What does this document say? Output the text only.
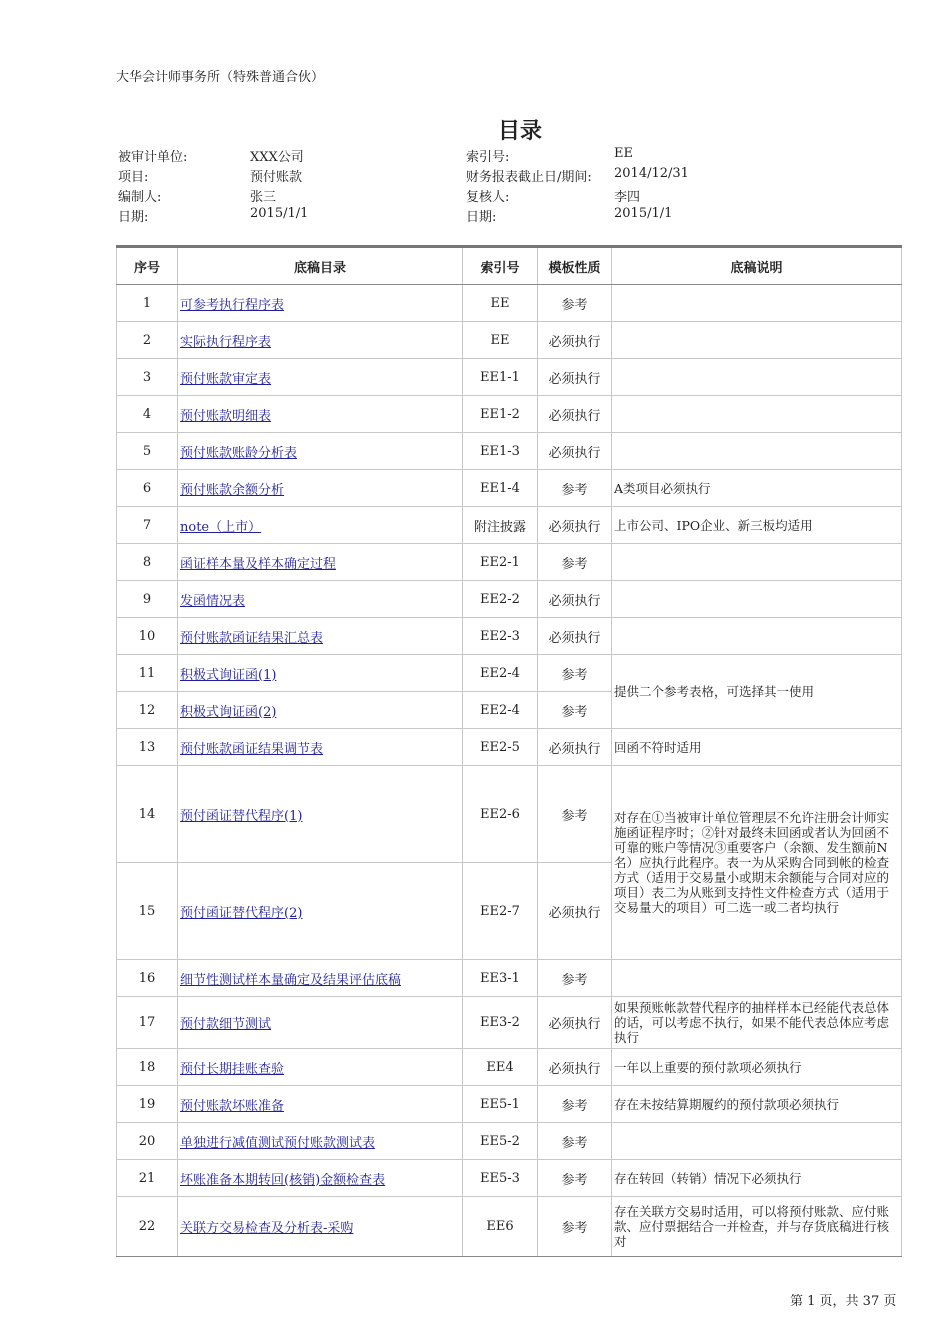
大华会计师事务所（特殊普通合伙）
目录
被审计单位:	XXX公司	索引号:	EE
项目:	预付账款	财务报表截止日/期间: 2014/12/31
编制人:	张三	复核人:	李四
日期:	2015/1/1	日期:	2015/1/1
序号	底稿目录	索引号	模板性质	底稿说明
1	可参考执行程序表	EE	参考	
2	实际执行程序表	EE	必须执行	
3	预付账款审定表	EE1-1	必须执行	
4	预付账款明细表	EE1-2	必须执行	
5	预付账款账龄分析表	EE1-3	必须执行	
6	预付账款余额分析	EE1-4	参考	A类项目必须执行
7	note（上市）	附注披露	必须执行	上市公司、IPO企业、新三板均适用
8	函证样本量及样本确定过程	EE2-1	参考	
9	发函情况表	EE2-2	必须执行	
10	预付账款函证结果汇总表	EE2-3	必须执行	
11	积极式询证函(1)	EE2-4	参考	提供二个参考表格，可选择其一使用
12	积极式询证函(2)	EE2-4	参考	
13	预付账款函证结果调节表	EE2-5	必须执行	回函不符时适用
14	预付函证替代程序(1)	EE2-6	参考	对存在①当被审计单位管理层不允许注册会计师实施函证程序时；②针对最终未回函或者认为回函不可靠的账户等情况③重要客户（余额、发生额前N名）应执行此程序。表一为从采购合同到帐的检查方式（适用于交易量小或期末余额能与合同对应的项目）表二为从账到支持性文件检查方式（适用于交易量大的项目）可二选一或二者均执行
15	预付函证替代程序(2)	EE2-7	必须执行	
16	细节性测试样本量确定及结果评估底稿	EE3-1	参考	
17	预付款细节测试	EE3-2	必须执行	如果预账帐款替代程序的抽样样本已经能代表总体的话，可以考虑不执行，如果不能代表总体应考虑执行
18	预付长期挂账查验	EE4	必须执行	一年以上重要的预付款项必须执行
19	预付账款坏账准备	EE5-1	参考	存在未按结算期履约的预付款项必须执行
20	单独进行减值测试预付账款测试表	EE5-2	参考	
21	坏账准备本期转回(核销)金额检查表	EE5-3	参考	存在转回（转销）情况下必须执行
22	关联方交易检查及分析表-采购	EE6	参考	存在关联方交易时适用，可以将预付账款、应付账款、应付票据结合一并检查，并与存货底稿进行核对
第 1 页，共 37 页
